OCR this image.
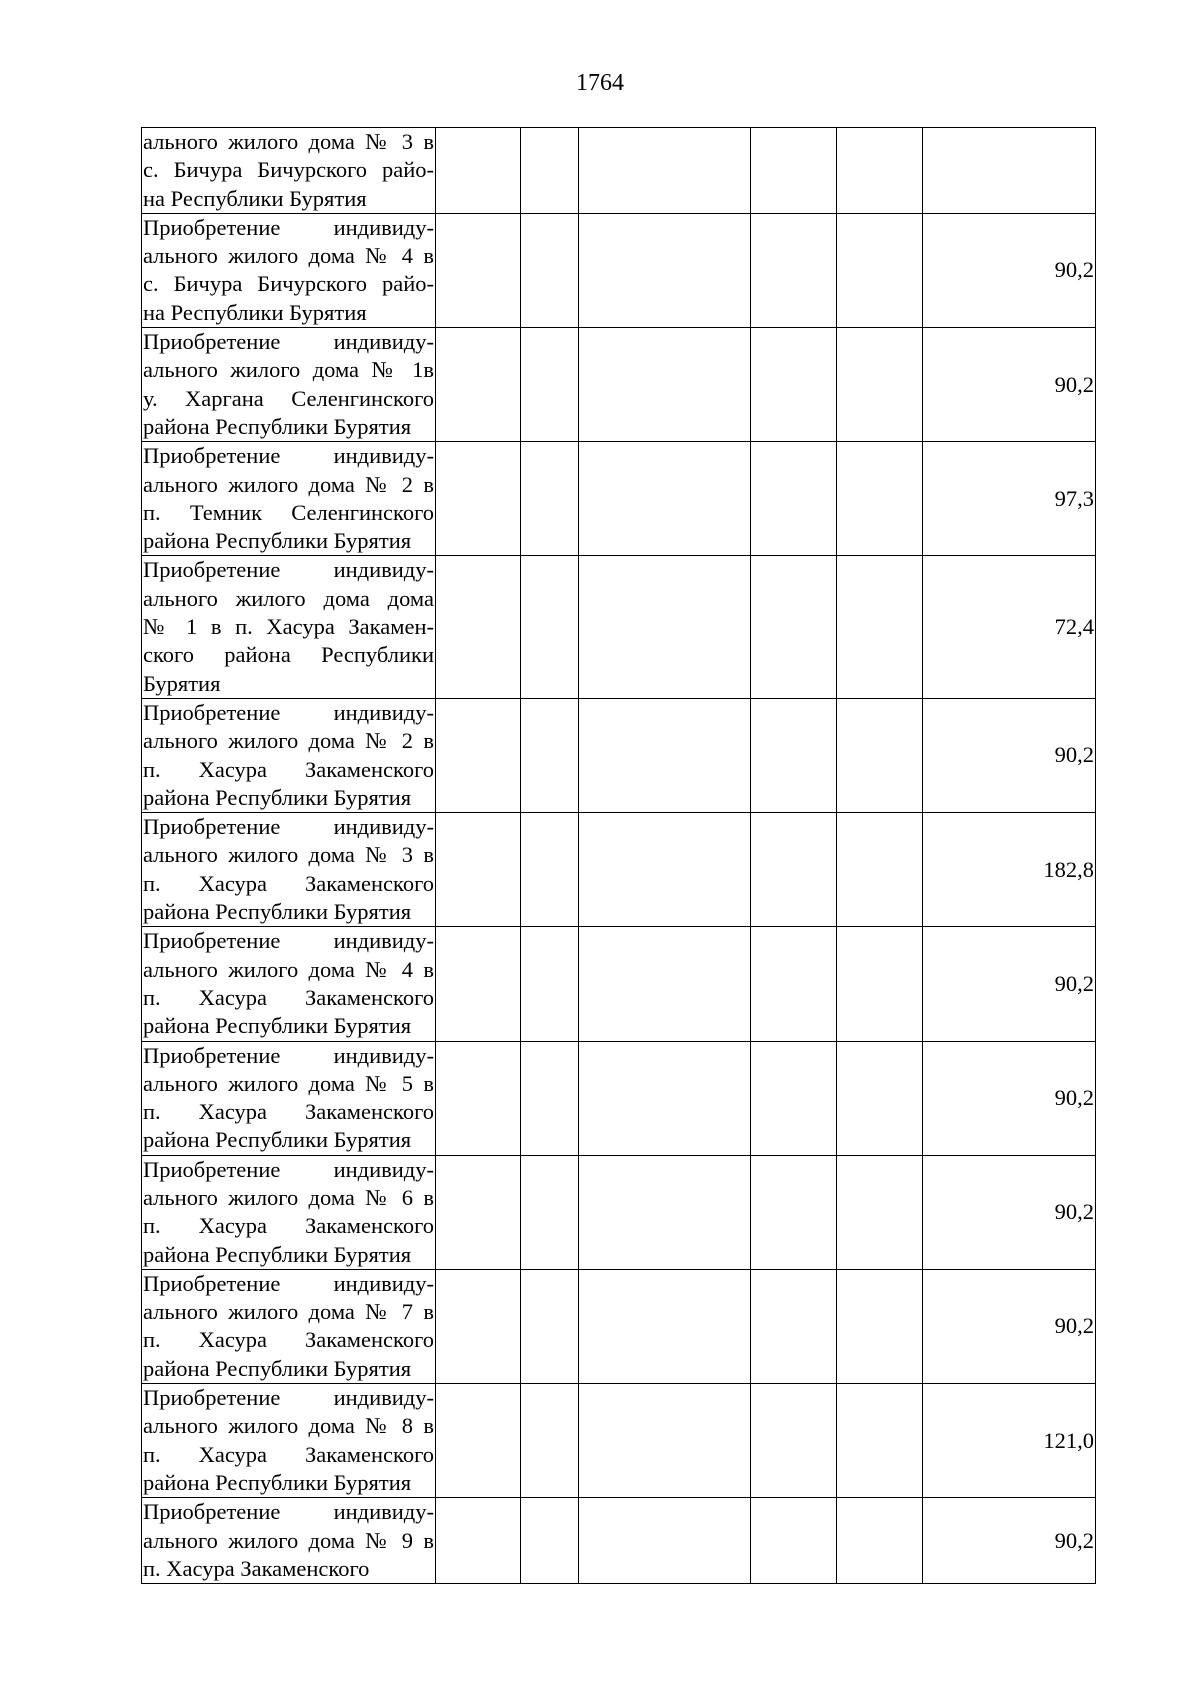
1764
ального жилого дома № 3 в
с. Бичура Бичурского райо-
на Республики Бурятия						

Приобретение индивиду-
ального жилого дома № 4 в
с. Бичура Бичурского райо-
на Республики Бурятия						90,2

Приобретение индивиду-
ального жилого дома № 1в
у. Харгана Селенгинского
района Республики Бурятия						90,2

Приобретение индивиду-
ального жилого дома № 2 в
п. Темник Селенгинского
района Республики Бурятия						97,3

Приобретение индивиду-
ального жилого дома дома
№ 1 в п. Хасура Закамен-
ского района Республики
Бурятия						72,4

Приобретение индивиду-
ального жилого дома № 2 в
п. Хасура Закаменского
района Республики Бурятия						90,2

Приобретение индивиду-
ального жилого дома № 3 в
п. Хасура Закаменского
района Республики Бурятия						182,8

Приобретение индивиду-
ального жилого дома № 4 в
п. Хасура Закаменского
района Республики Бурятия						90,2

Приобретение индивиду-
ального жилого дома № 5 в
п. Хасура Закаменского
района Республики Бурятия						90,2

Приобретение индивиду-
ального жилого дома № 6 в
п. Хасура Закаменского
района Республики Бурятия						90,2

Приобретение индивиду-
ального жилого дома № 7 в
п. Хасура Закаменского
района Республики Бурятия						90,2

Приобретение индивиду-
ального жилого дома № 8 в
п. Хасура Закаменского
района Республики Бурятия						121,0

Приобретение индивиду-
ального жилого дома № 9 в
п. Хасура Закаменского						90,2
